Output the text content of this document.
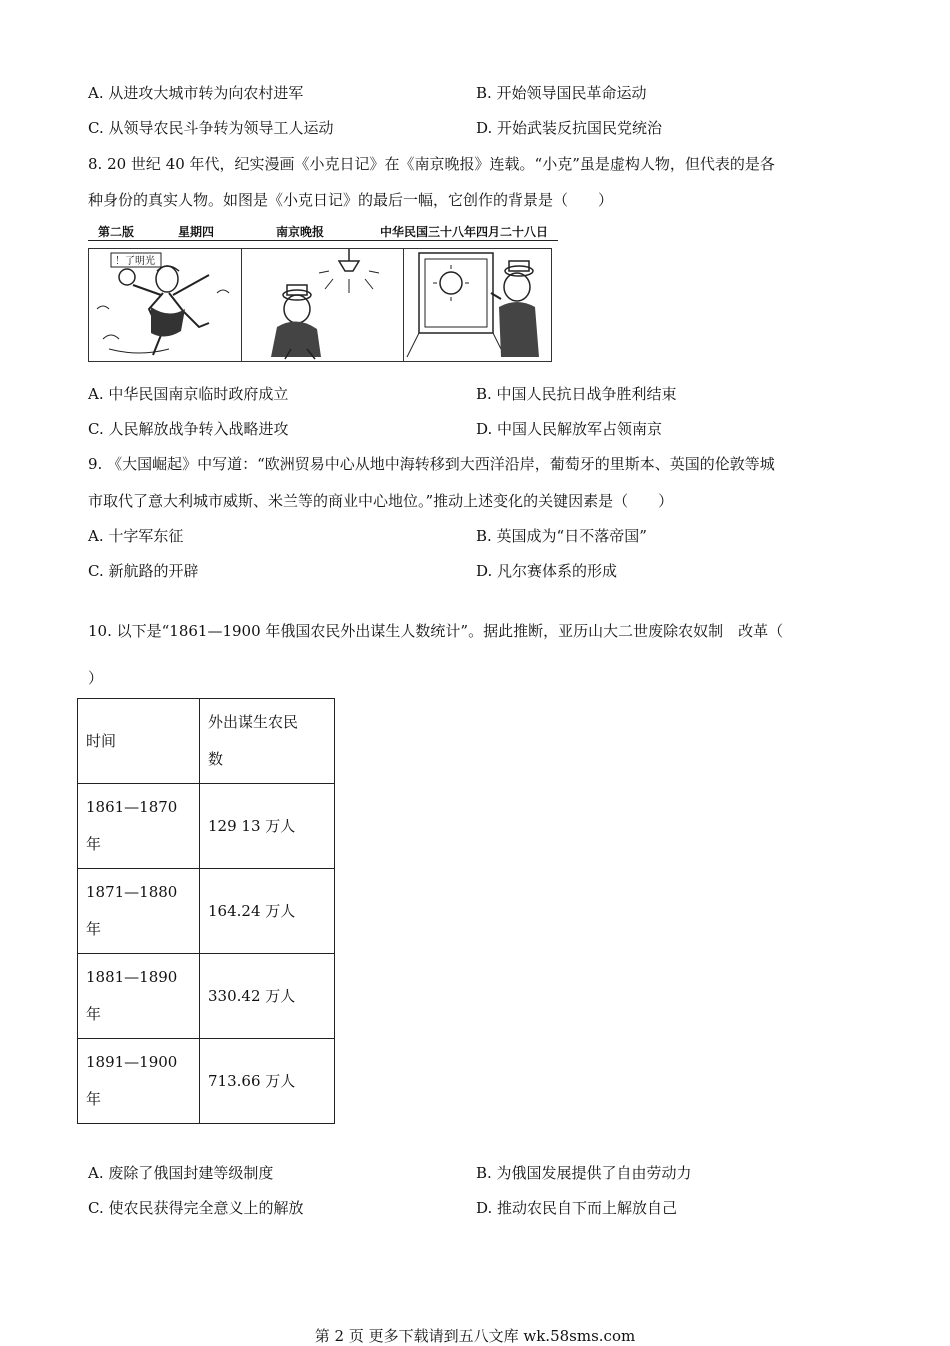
A. 从进攻大城市转为向农村进军	B. 开始领导国民革命运动
C. 从领导农民斗争转为领导工人运动	D. 开始武装反抗国民党统治
8. 20 世纪 40 年代，纪实漫画《小克日记》在《南京晚报》连载。“小克”虽是虚构人物，但代表的是各
种身份的真实人物。如图是《小克日记》的最后一幅，它创作的背景是（　　）
第二版	星期四	南京晚报	中华民国三十八年四月二十八日
！了明光
A. 中华民国南京临时政府成立	B. 中国人民抗日战争胜利结束
C. 人民解放战争转入战略进攻	D. 中国人民解放军占领南京
9. 《大国崛起》中写道：“欧洲贸易中心从地中海转移到大西洋沿岸，葡萄牙的里斯本、英国的伦敦等城
市取代了意大利城市威斯、米兰等的商业中心地位。”推动上述变化的关键因素是（　　）
A. 十字军东征	B. 英国成为“日不落帝国”
C. 新航路的开辟	D. 凡尔赛体系的形成
10. 以下是“1861—1900 年俄国农民外出谋生人数统计”。据此推断，亚历山大二世废除农奴制　改革（
）
时间	外出谋生农民
数
1861—1870
年	129 13 万人
1871—1880
年	164.24 万人
1881—1890
年	330.42 万人
1891—1900
年	713.66 万人
A. 废除了俄国封建等级制度	B. 为俄国发展提供了自由劳动力
C. 使农民获得完全意义上的解放	D. 推动农民自下而上解放自己
第 2 页 更多下载请到五八文库 wk.58sms.com
